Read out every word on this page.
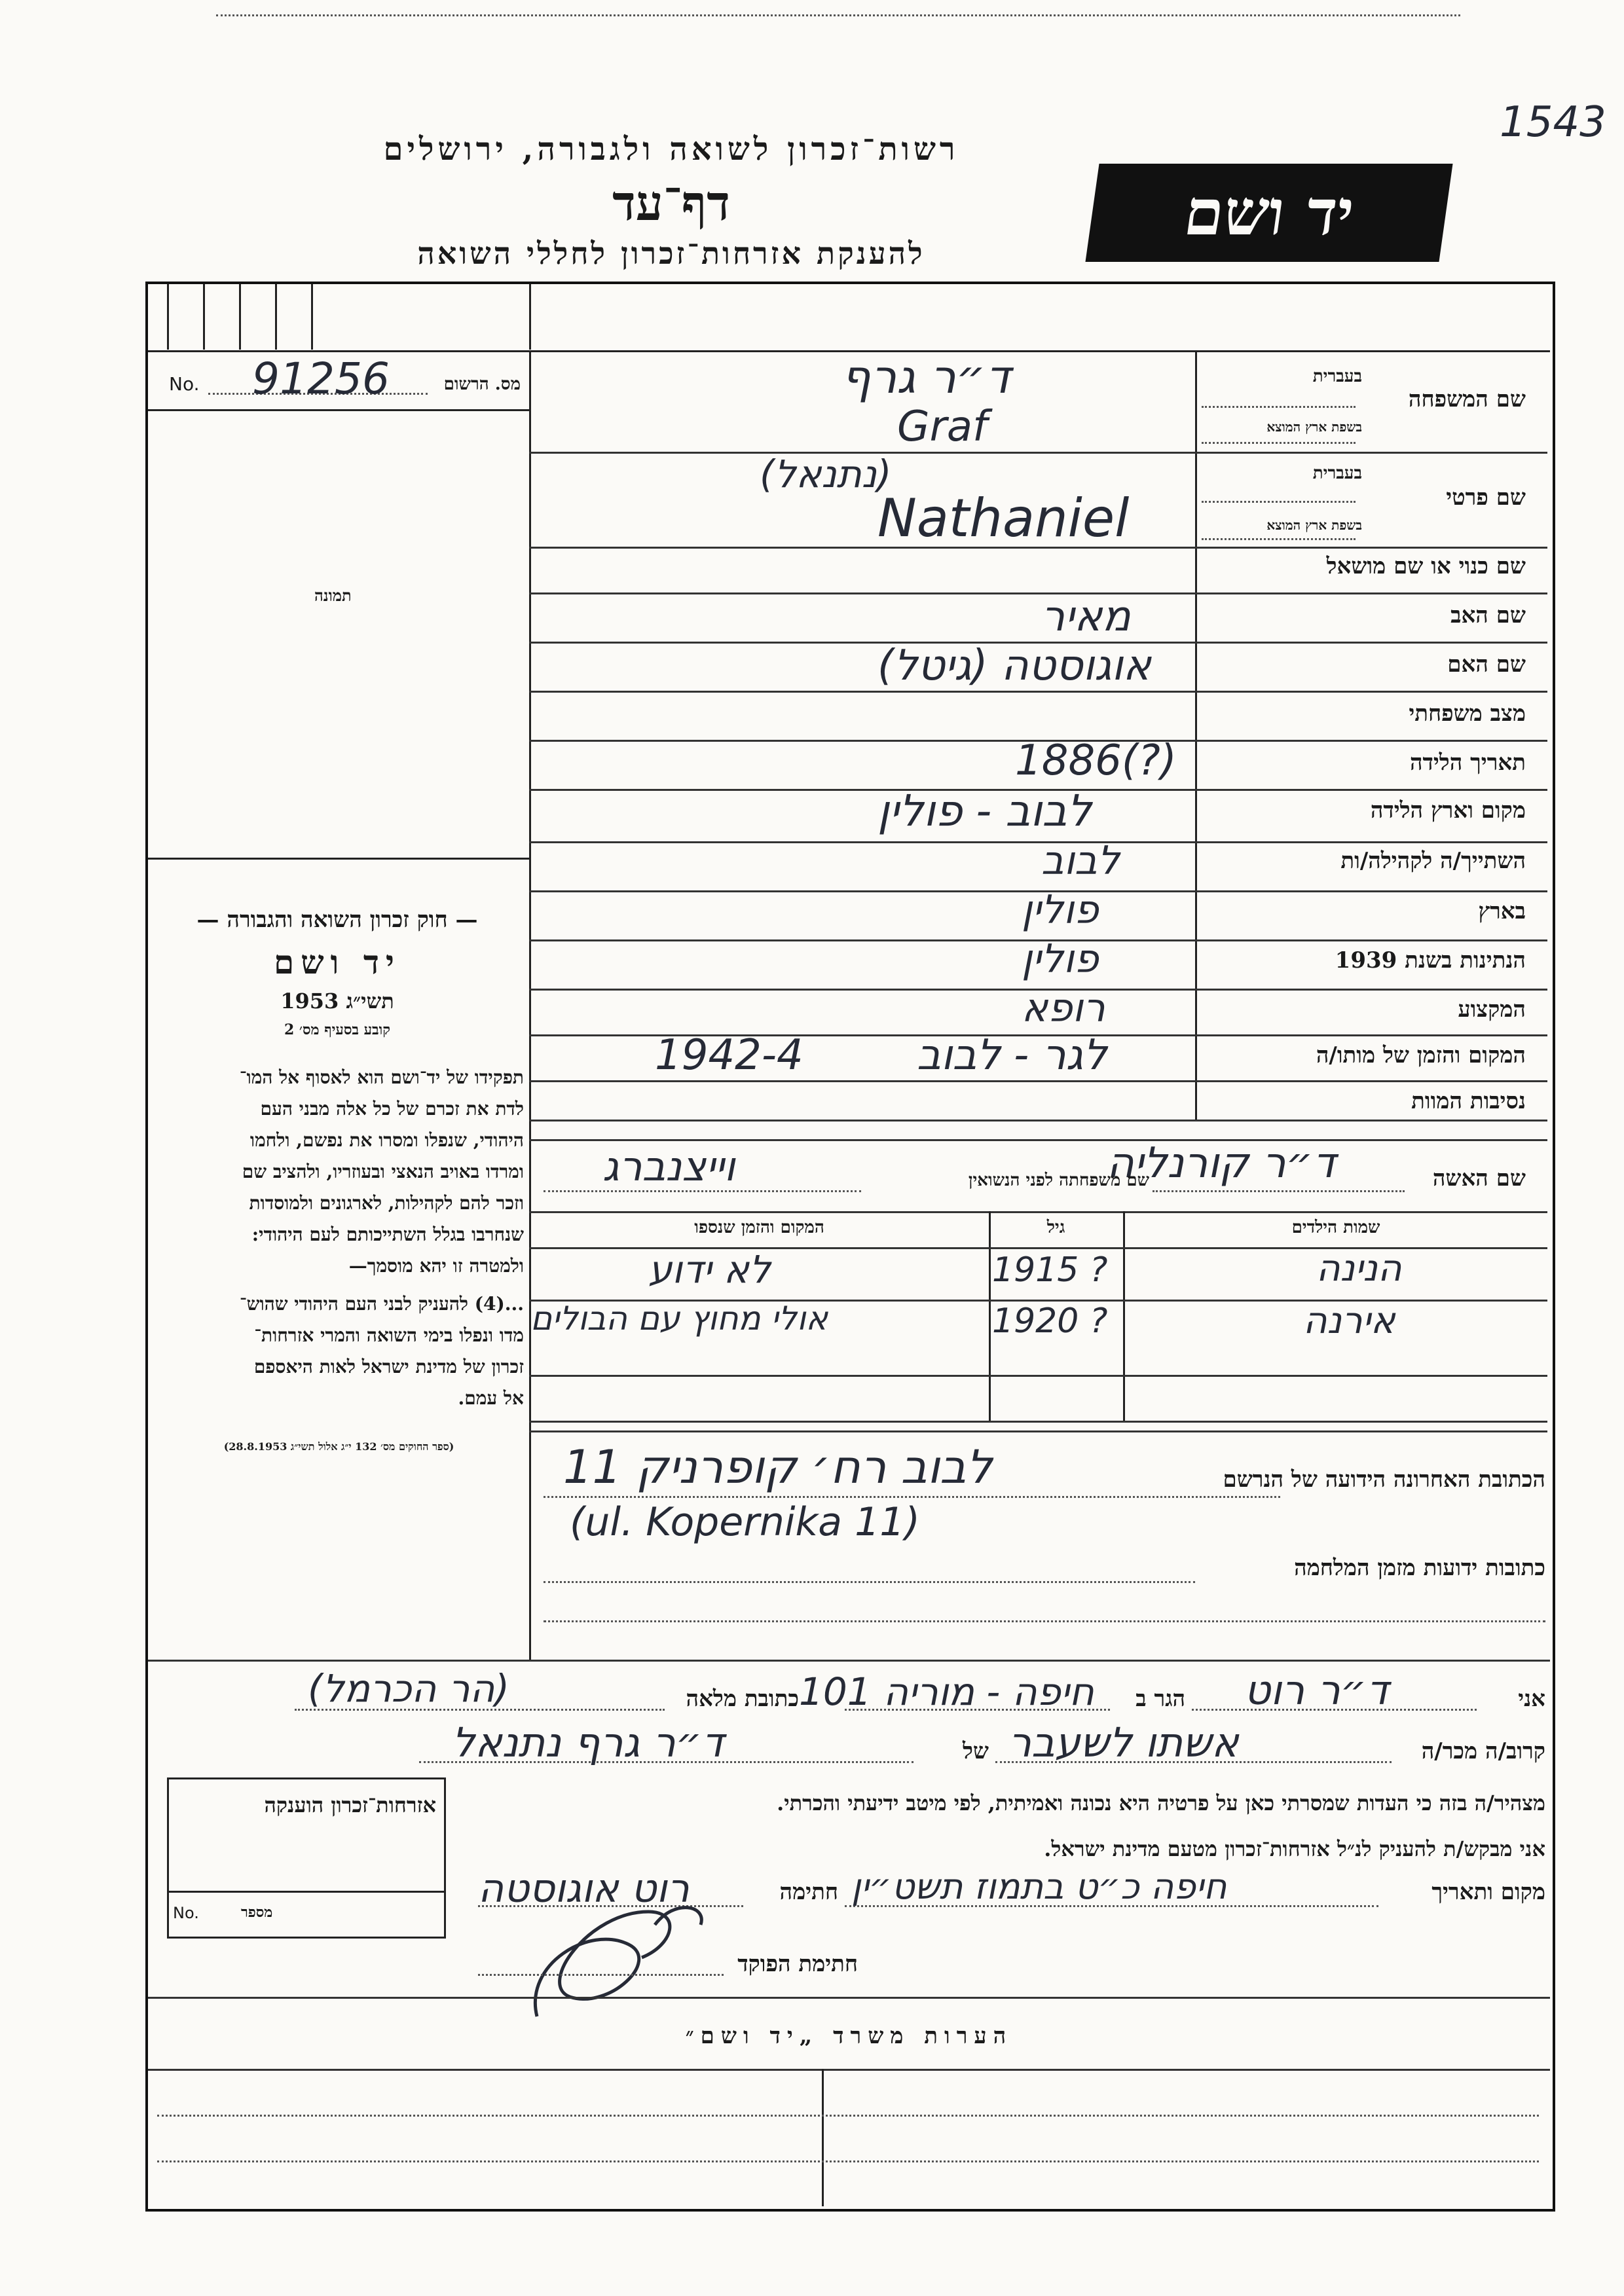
1543
רשות־זכרון לשואה ולגבורה, ירושלים
דף־עד
להענקת אזרחות־זכרון לחללי השואה
יד ושם
No. 91256	מס. הרשום
תמונה
— חוק זכרון השואה והגבורה —
יד ושם
תשי״ג 1953
קובע בסעיף מס׳ 2
תפקידו של יד־ושם הוא לאסוף אל המו־
לדת את זכרם של כל אלה מבני העם
היהודי, שנפלו ומסרו את נפשם, ולחמו
ומרדו באויב הנאצי ובעוזריו, ולהציב שם
וזכר להם לקהילות, לארגונים ולמוסדות
שנחרבו בגלל השתייכותם לעם היהודי:
ולמטרה זו יהא מוסמך—
...(4) להעניק לבני העם היהודי שהוש־
מדו ונפלו בימי השואה והמרי אזרחות־
זכרון של מדינת ישראל לאות היאספם
אל עמם.
(ספר החוקים מס׳ 132 י״ג אלול תשי״ג 28.8.1953)
שם המשפחה
בעברית
בשפת ארץ המוצא
ד״ר גרף
Graf
שם פרטי
בעברית
בשפת ארץ המוצא
(נתנאל)
Nathaniel
שם כנוי או שם מושאל
שם האב
מאיר
שם האם
אוגוסטה (גיטל)
מצב משפחתי
תאריך הלידה
1886(?)
מקום וארץ הלידה
לבוב - פולין
השתייך/ה לקהילה/ות
לבוב
בארץ
פולין
הנתינות בשנת 1939
פולין
המקצוע
רופא
המקום והזמן של מותו/ה
לגר - לבוב
1942-4
נסיבות המוות
שם האשה
ד״ר קורנליה
שם משפחתה לפני הנשואין
וייצנברג
שמות הילדים
גיל
המקום והזמן שנספו
הנינה
1915 ?
לא ידוע
אירנה
1920 ?
אולי מחוץ עם הבולים
הכתובת האחרונה הידועה של הנרשם
לבוב רח׳ קופרניק 11
(ul. Kopernika 11)
כתובות ידועות מזמן המלחמה
אני
ד״ר רוט
הגר ב
חיפה - מוריה 101
כתובת מלאה
(הר הכרמל)
קרוב/ה מכר/ה
אשתו לשעבר
של
ד״ר גרף נתנאל
מצהיר/ה בזה כי העדות שמסרתי כאן על פרטיה היא נכונה ואמיתית, לפי מיטב ידיעתי והכרתי.
אני מבקש/ת להעניק לנ״ל אזרחות־זכרון מטעם מדינת ישראל.
מקום ותאריך
חיפה כ״ט בתמוז תשט״ין
חתימה
רוט אוגוסטה
חתימת הפוקד
אזרחות־זכרון הוענקה
No.	מספר
הערות משרד „יד ושם״
